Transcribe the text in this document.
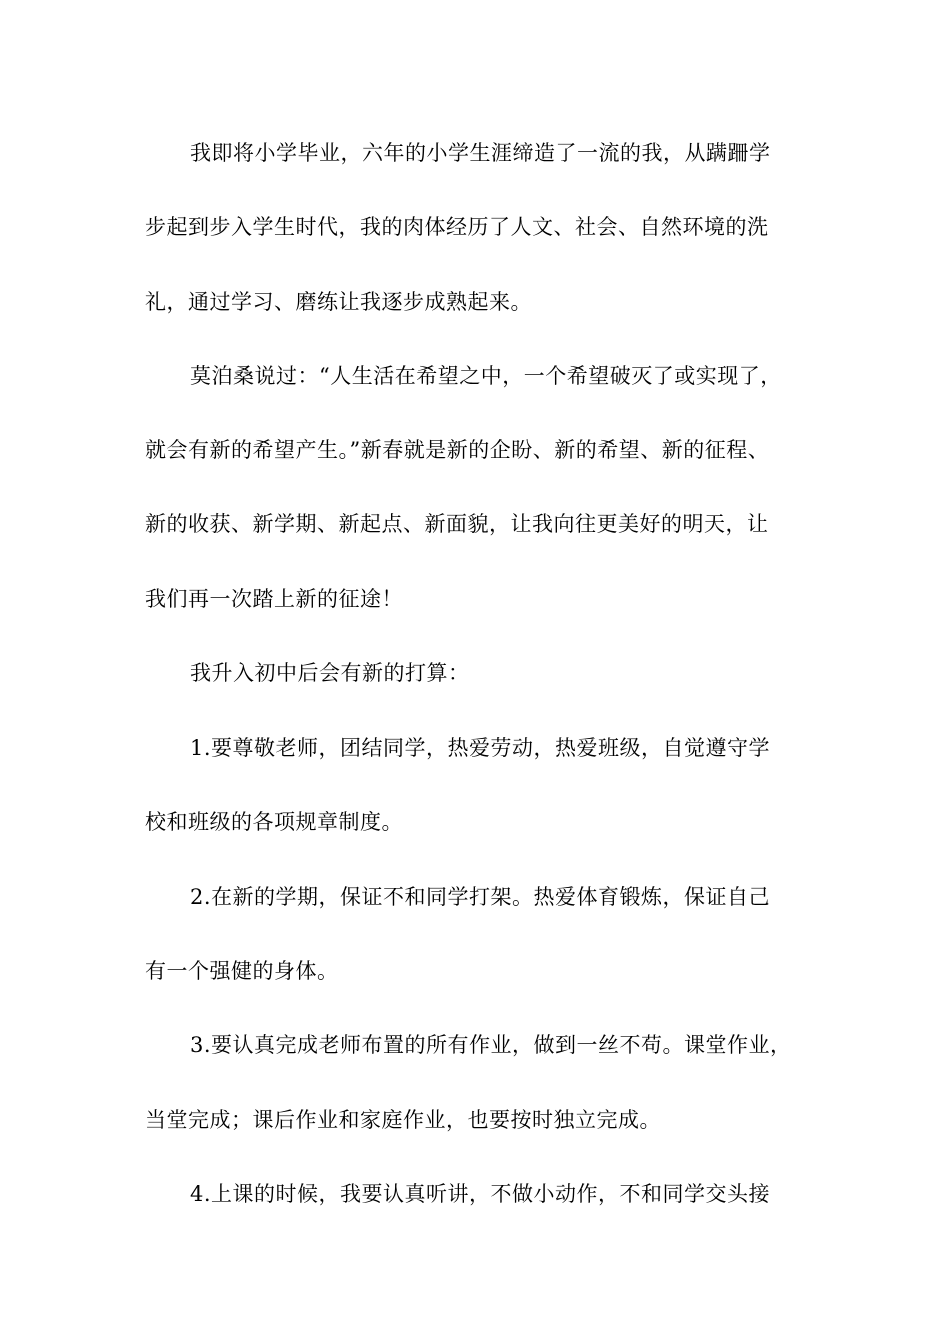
我即将小学毕业，六年的小学生涯缔造了一流的我，从蹒跚学
步起到步入学生时代，我的肉体经历了人文、社会、自然环境的洗
礼，通过学习、磨练让我逐步成熟起来。
莫泊桑说过：“人生活在希望之中，一个希望破灭了或实现了，
就会有新的希望产生。”新春就是新的企盼、新的希望、新的征程、
新的收获、新学期、新起点、新面貌，让我向往更美好的明天，让
我们再一次踏上新的征途！
我升入初中后会有新的打算：
1.要尊敬老师，团结同学，热爱劳动，热爱班级，自觉遵守学
校和班级的各项规章制度。
2.在新的学期，保证不和同学打架。热爱体育锻炼，保证自己
有一个强健的身体。
3.要认真完成老师布置的所有作业，做到一丝不苟。课堂作业，
当堂完成；课后作业和家庭作业，也要按时独立完成。
4.上课的时候，我要认真听讲，不做小动作，不和同学交头接
